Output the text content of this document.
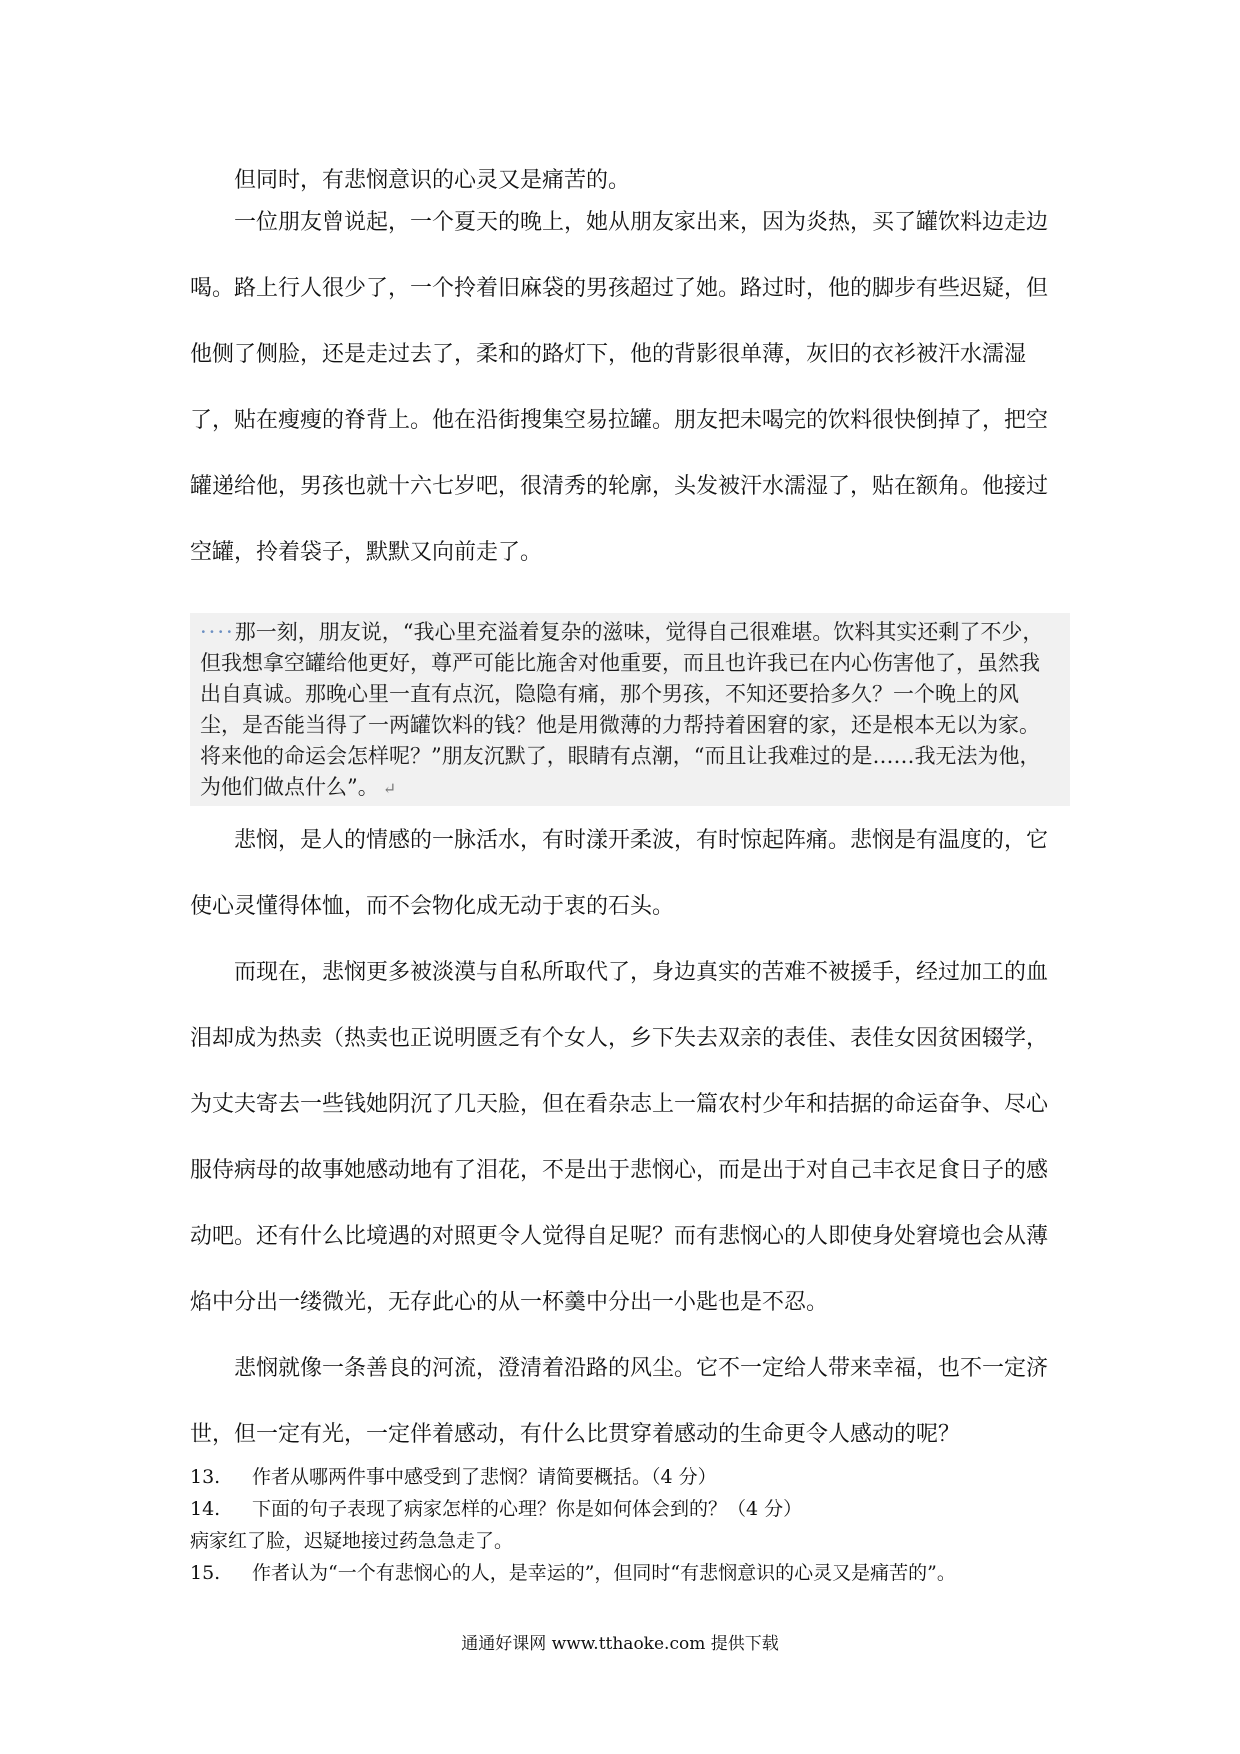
但同时，有悲悯意识的心灵又是痛苦的。

一位朋友曾说起，一个夏天的晚上，她从朋友家出来，因为炎热，买了罐饮料边走边喝。路上行人很少了，一个拎着旧麻袋的男孩超过了她。路过时，他的脚步有些迟疑，但他侧了侧脸，还是走过去了，柔和的路灯下，他的背影很单薄，灰旧的衣衫被汗水濡湿了，贴在瘦瘦的脊背上。他在沿街搜集空易拉罐。朋友把未喝完的饮料很快倒掉了，把空罐递给他，男孩也就十六七岁吧，很清秀的轮廓，头发被汗水濡湿了，贴在额角。他接过空罐，拎着袋子，默默又向前走了。

····那一刻，朋友说，“我心里充溢着复杂的滋味，觉得自己很难堪。饮料其实还剩了不少，但我想拿空罐给他更好，尊严可能比施舍对他重要，而且也许我已在内心伤害他了，虽然我出自真诚。那晚心里一直有点沉，隐隐有痛，那个男孩，不知还要拾多久？一个晚上的风尘，是否能当得了一两罐饮料的钱？他是用微薄的力帮持着困窘的家，还是根本无以为家。将来他的命运会怎样呢？”朋友沉默了，眼睛有点潮，“而且让我难过的是……我无法为他，为他们做点什么”。 ↵

悲悯，是人的情感的一脉活水，有时漾开柔波，有时惊起阵痛。悲悯是有温度的，它使心灵懂得体恤，而不会物化成无动于衷的石头。

而现在，悲悯更多被淡漠与自私所取代了，身边真实的苦难不被援手，经过加工的血泪却成为热卖（热卖也正说明匮乏有个女人，乡下失去双亲的表佳、表佳女因贫困辍学，为丈夫寄去一些钱她阴沉了几天脸，但在看杂志上一篇农村少年和拮据的命运奋争、尽心服侍病母的故事她感动地有了泪花，不是出于悲悯心，而是出于对自己丰衣足食日子的感动吧。还有什么比境遇的对照更令人觉得自足呢？而有悲悯心的人即使身处窘境也会从薄焰中分出一缕微光，无存此心的从一杯羹中分出一小匙也是不忍。

悲悯就像一条善良的河流，澄清着沿路的风尘。它不一定给人带来幸福，也不一定济世，但一定有光，一定伴着感动，有什么比贯穿着感动的生命更令人感动的呢？

13. 作者从哪两件事中感受到了悲悯？请简要概括。（4 分）
14. 下面的句子表现了病家怎样的心理？你是如何体会到的？（4 分）
病家红了脸，迟疑地接过药急急走了。
15. 作者认为“一个有悲悯心的人，是幸运的”，但同时“有悲悯意识的心灵又是痛苦的”。
通通好课网 www.tthaoke.com 提供下载
